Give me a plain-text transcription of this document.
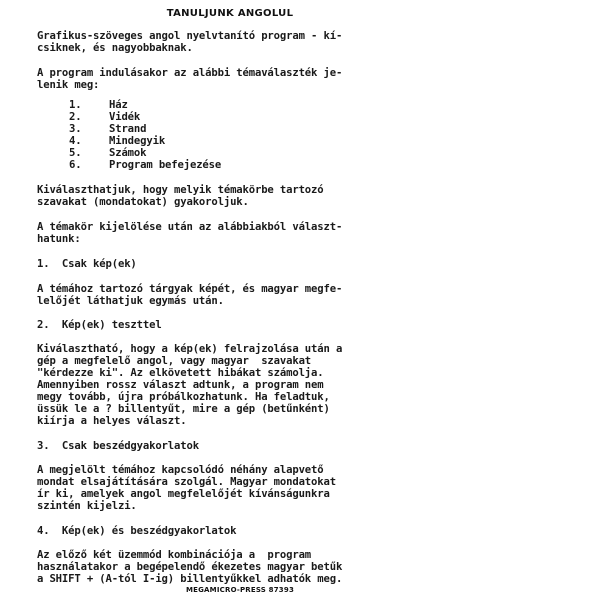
TANULJUNK ANGOLUL
Grafikus-szöveges angol nyelvtanító program - kí-
csiknek, és nagyobbaknak.
A program indulásakor az alábbi témaválaszték je-
lenik meg:
1.	Ház
2.	Vidék
3.	Strand
4.	Mindegyik
5.	Számok
6.	Program befejezése
Kiválaszthatjuk, hogy melyik témakörbe tartozó
szavakat (mondatokat) gyakoroljuk.
A témakör kijelölése után az alábbiakból választ-
hatunk:
1.  Csak kép(ek)
A témához tartozó tárgyak képét, és magyar megfe-
lelőjét láthatjuk egymás után.
2.  Kép(ek) teszttel
Kiválasztható, hogy a kép(ek) felrajzolása után a
gép a megfelelő angol, vagy magyar  szavakat
"kérdezze ki". Az elkövetett hibákat számolja.
Amennyiben rossz választ adtunk, a program nem
megy tovább, újra próbálkozhatunk. Ha feladtuk,
üssük le a ? billentyűt, mire a gép (betűnként)
kiírja a helyes választ.
3.  Csak beszédgyakorlatok
A megjelölt témához kapcsolódó néhány alapvető
mondat elsajátítására szolgál. Magyar mondatokat
ír ki, amelyek angol megfelelőjét kívánságunkra
szintén kijelzi.
4.  Kép(ek) és beszédgyakorlatok
Az előző két üzemmód kombinációja a  program
használatakor a begépelendő ékezetes magyar betűk
a SHIFT + (A-tól I-ig) billentyűkkel adhatók meg.
MEGAMICRO-PRESS 87393
